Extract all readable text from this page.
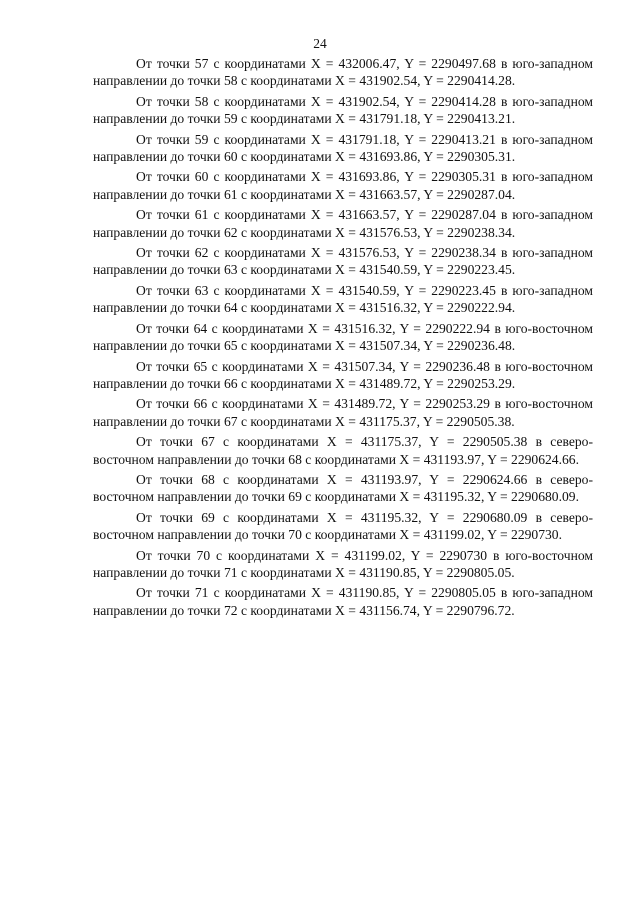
24

От точки 57 с координатами X = 432006.47, Y = 2290497.68 в юго-западном направлении до точки 58 с координатами X = 431902.54, Y = 2290414.28.

От точки 58 с координатами X = 431902.54, Y = 2290414.28 в юго-западном направлении до точки 59 с координатами X = 431791.18, Y = 2290413.21.

От точки 59 с координатами X = 431791.18, Y = 2290413.21 в юго-западном направлении до точки 60 с координатами X = 431693.86, Y = 2290305.31.

От точки 60 с координатами X = 431693.86, Y = 2290305.31 в юго-западном направлении до точки 61 с координатами X = 431663.57, Y = 2290287.04.

От точки 61 с координатами X = 431663.57, Y = 2290287.04 в юго-западном направлении до точки 62 с координатами X = 431576.53, Y = 2290238.34.

От точки 62 с координатами X = 431576.53, Y = 2290238.34 в юго-западном направлении до точки 63 с координатами X = 431540.59, Y = 2290223.45.

От точки 63 с координатами X = 431540.59, Y = 2290223.45 в юго-западном направлении до точки 64 с координатами X = 431516.32, Y = 2290222.94.

От точки 64 с координатами X = 431516.32, Y = 2290222.94 в юго-восточном направлении до точки 65 с координатами X = 431507.34, Y = 2290236.48.

От точки 65 с координатами X = 431507.34, Y = 2290236.48 в юго-восточном направлении до точки 66 с координатами X = 431489.72, Y = 2290253.29.

От точки 66 с координатами X = 431489.72, Y = 2290253.29 в юго-восточном направлении до точки 67 с координатами X = 431175.37, Y = 2290505.38.

От точки 67 с координатами X = 431175.37, Y = 2290505.38 в северо-восточном направлении до точки 68 с координатами X = 431193.97, Y = 2290624.66.

От точки 68 с координатами X = 431193.97, Y = 2290624.66 в северо-восточном направлении до точки 69 с координатами X = 431195.32, Y = 2290680.09.

От точки 69 с координатами X = 431195.32, Y = 2290680.09 в северо-восточном направлении до точки 70 с координатами X = 431199.02, Y = 2290730.

От точки 70 с координатами X = 431199.02, Y = 2290730 в юго-восточном направлении до точки 71 с координатами X = 431190.85, Y = 2290805.05.

От точки 71 с координатами X = 431190.85, Y = 2290805.05 в юго-западном направлении до точки 72 с координатами X = 431156.74, Y = 2290796.72.
